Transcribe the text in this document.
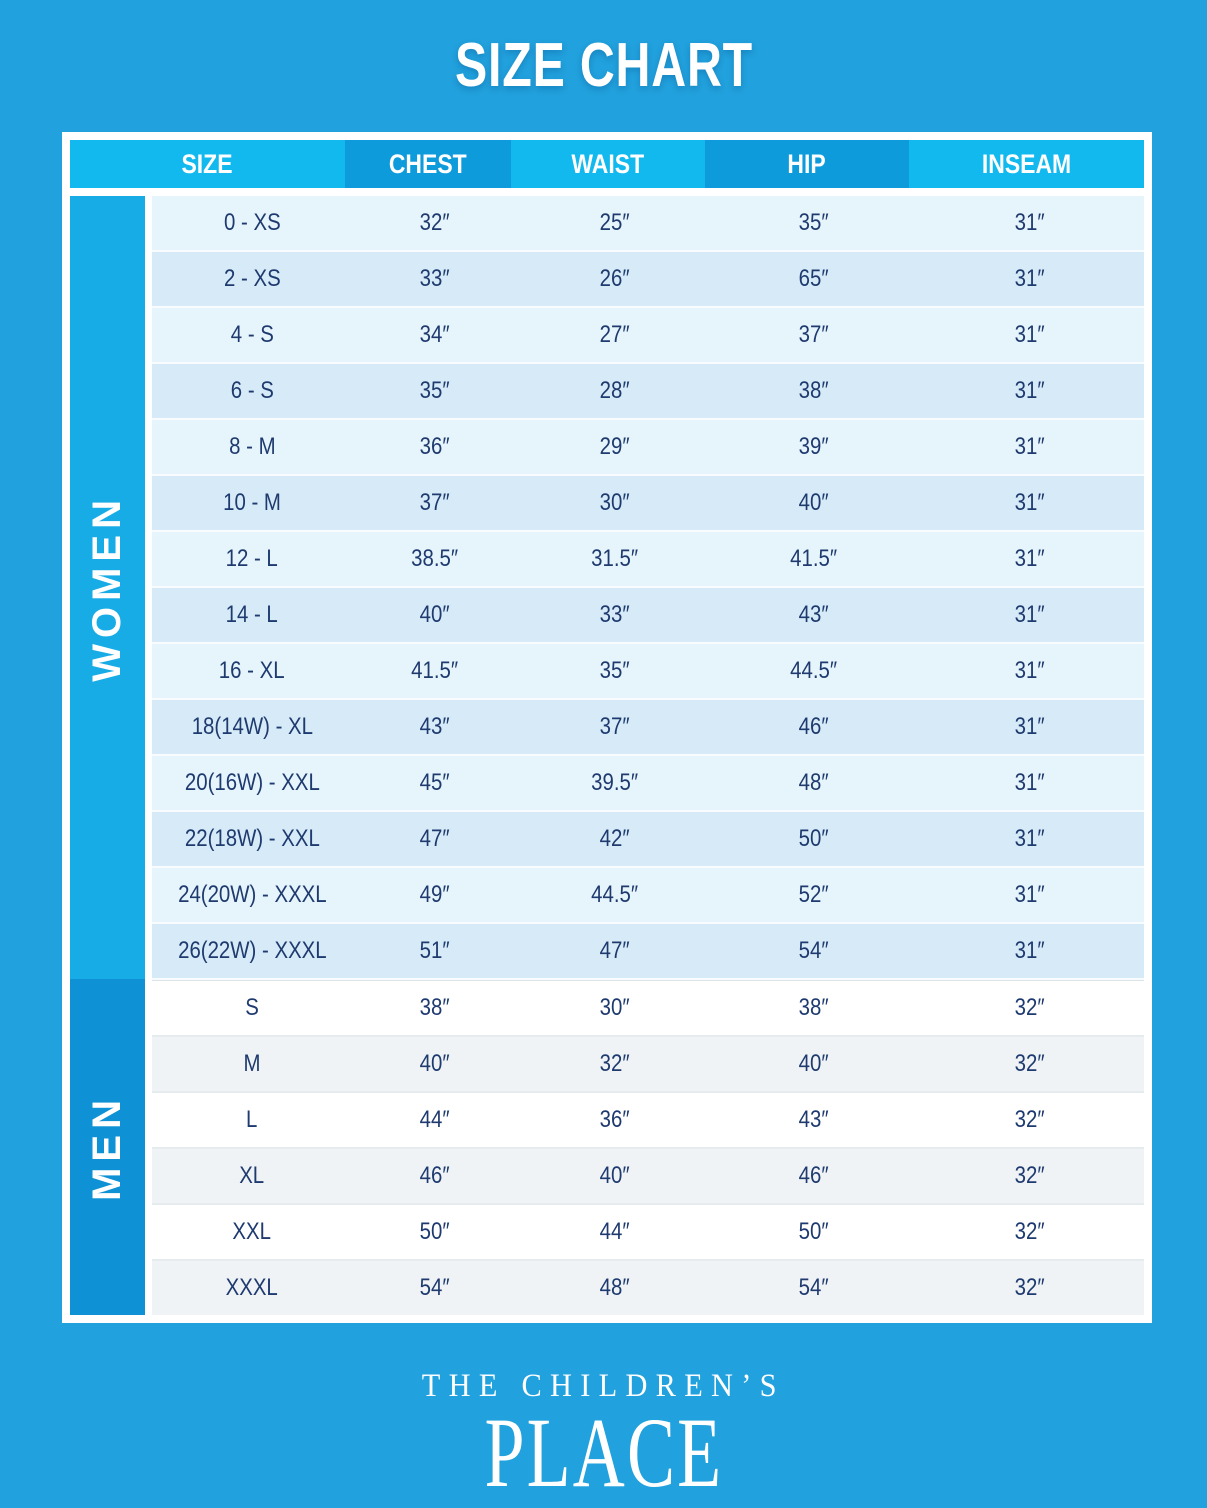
SIZE CHART
SIZE	CHEST	WAIST	HIP	INSEAM
WOMEN
MEN
0 - XS	32″	25″	35″	31″
2 - XS	33″	26″	65″	31″
4 - S	34″	27″	37″	31″
6 - S	35″	28″	38″	31″
8 - M	36″	29″	39″	31″
10 - M	37″	30″	40″	31″
12 - L	38.5″	31.5″	41.5″	31″
14 - L	40″	33″	43″	31″
16 - XL	41.5″	35″	44.5″	31″
18(14W) - XL	43″	37″	46″	31″
20(16W) - XXL	45″	39.5″	48″	31″
22(18W) - XXL	47″	42″	50″	31″
24(20W) - XXXL	49″	44.5″	52″	31″
26(22W) - XXXL	51″	47″	54″	31″
S	38″	30″	38″	32″
M	40″	32″	40″	32″
L	44″	36″	43″	32″
XL	46″	40″	46″	32″
XXL	50″	44″	50″	32″
XXXL	54″	48″	54″	32″
THE CHILDREN’S
PLACE
